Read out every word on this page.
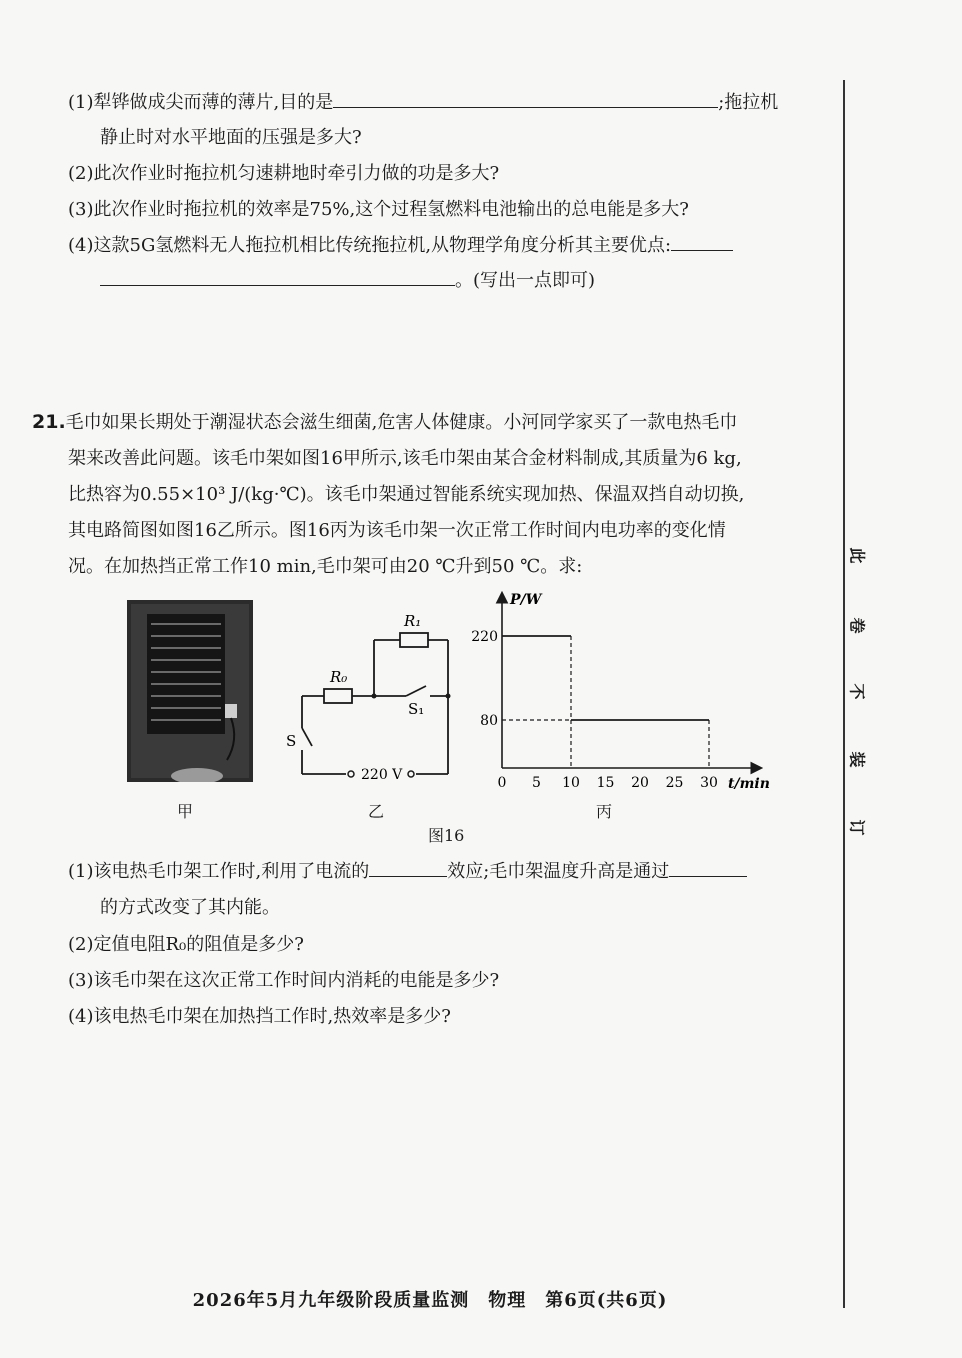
(1)犁铧做成尖而薄的薄片,目的是	;拖拉机
静止时对水平地面的压强是多大?
(2)此次作业时拖拉机匀速耕地时牵引力做的功是多大?
(3)此次作业时拖拉机的效率是75%,这个过程氢燃料电池输出的总电能是多大?
(4)这款5G氢燃料无人拖拉机相比传统拖拉机,从物理学角度分析其主要优点:
。(写出一点即可)
21.毛巾如果长期处于潮湿状态会滋生细菌,危害人体健康。小河同学家买了一款电热毛巾
架来改善此问题。该毛巾架如图16甲所示,该毛巾架由某合金材料制成,其质量为6 kg,
比热容为0.55×10³ J/(kg·℃)。该毛巾架通过智能系统实现加热、保温双挡自动切换,
其电路简图如图16乙所示。图16丙为该毛巾架一次正常工作时间内电功率的变化情
况。在加热挡正常工作10 min,毛巾架可由20 ℃升到50 ℃。求:
R₁
R₀
S₁
S
220 V
P/W
t/min
0 5 10 15 20 25 30
80
220
甲	乙	丙
图16
(1)该电热毛巾架工作时,利用了电流的	效应;毛巾架温度升高是通过
的方式改变了其内能。
(2)定值电阻R₀的阻值是多少?
(3)该毛巾架在这次正常工作时间内消耗的电能是多少?
(4)该电热毛巾架在加热挡工作时,热效率是多少?
此
卷
不
装
订
2026年5月九年级阶段质量监测　物理　第6页(共6页)
